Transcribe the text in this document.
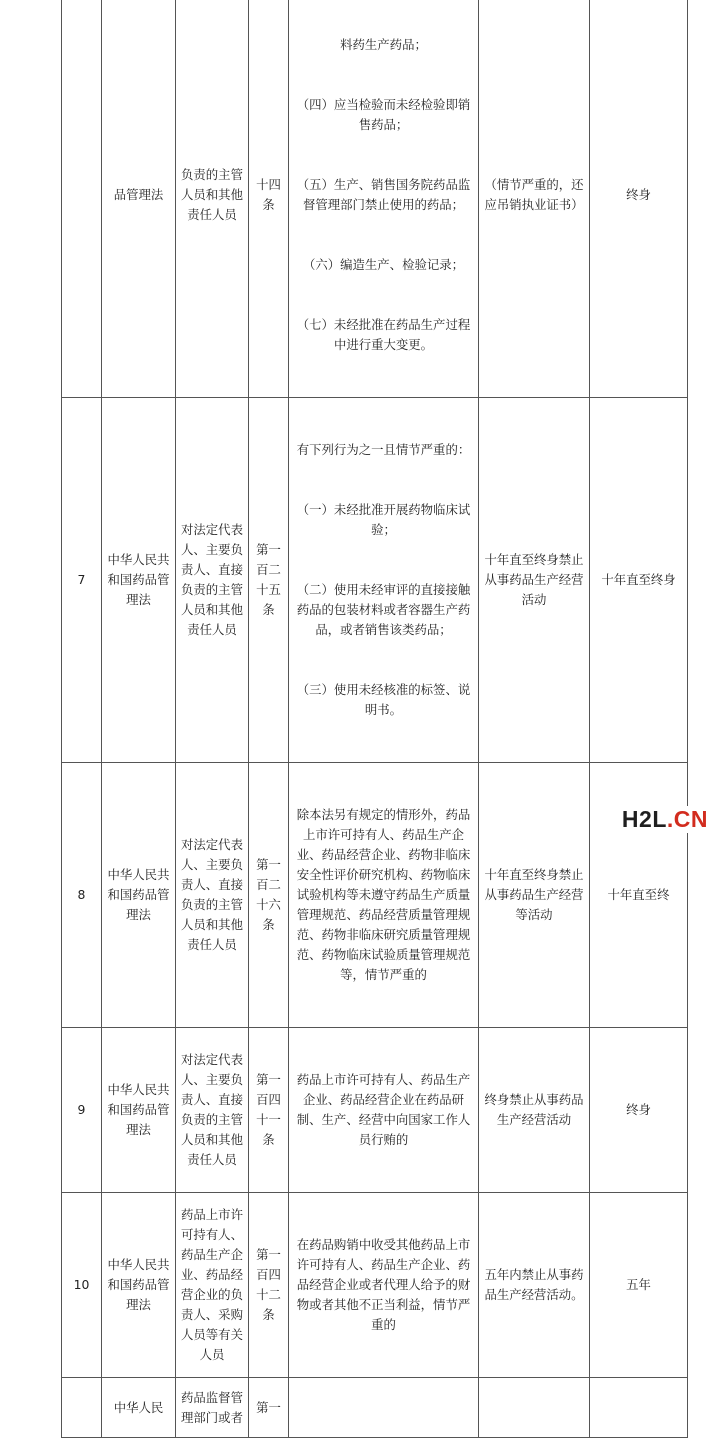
	品管理法	负责的主管人员和其他责任人员	十四条	料药生产药品；

（四）应当检验而未经检验即销售药品；

（五）生产、销售国务院药品监督管理部门禁止使用的药品；

（六）编造生产、检验记录；

（七）未经批准在药品生产过程中进行重大变更。	（情节严重的，还应吊销执业证书）	终身
7	中华人民共和国药品管理法	对法定代表人、主要负责人、直接负责的主管人员和其他责任人员	第一百二十五条	有下列行为之一且情节严重的：

（一）未经批准开展药物临床试验；

（二）使用未经审评的直接接触药品的包装材料或者容器生产药品，或者销售该类药品；

（三）使用未经核准的标签、说明书。	十年直至终身禁止从事药品生产经营活动	十年直至终身
8	中华人民共和国药品管理法	对法定代表人、主要负责人、直接负责的主管人员和其他责任人员	第一百二十六条	除本法另有规定的情形外，药品上市许可持有人、药品生产企业、药品经营企业、药物非临床安全性评价研究机构、药物临床试验机构等未遵守药品生产质量管理规范、药品经营质量管理规范、药物非临床研究质量管理规范、药物临床试验质量管理规范等，情节严重的	十年直至终身禁止从事药品生产经营等活动	十年直至终
9	中华人民共和国药品管理法	对法定代表人、主要负责人、直接负责的主管人员和其他责任人员	第一百四十一条	药品上市许可持有人、药品生产企业、药品经营企业在药品研制、生产、经营中向国家工作人员行贿的	终身禁止从事药品生产经营活动	终身
10	中华人民共和国药品管理法	药品上市许可持有人、药品生产企业、药品经营企业的负责人、采购人员等有关人员	第一百四十二条	在药品购销中收受其他药品上市许可持有人、药品生产企业、药品经营企业或者代理人给予的财物或者其他不正当利益，情节严重的	五年内禁止从事药品生产经营活动。	五年
	中华人民	药品监督管理部门或者	第一			
H2L.CN
